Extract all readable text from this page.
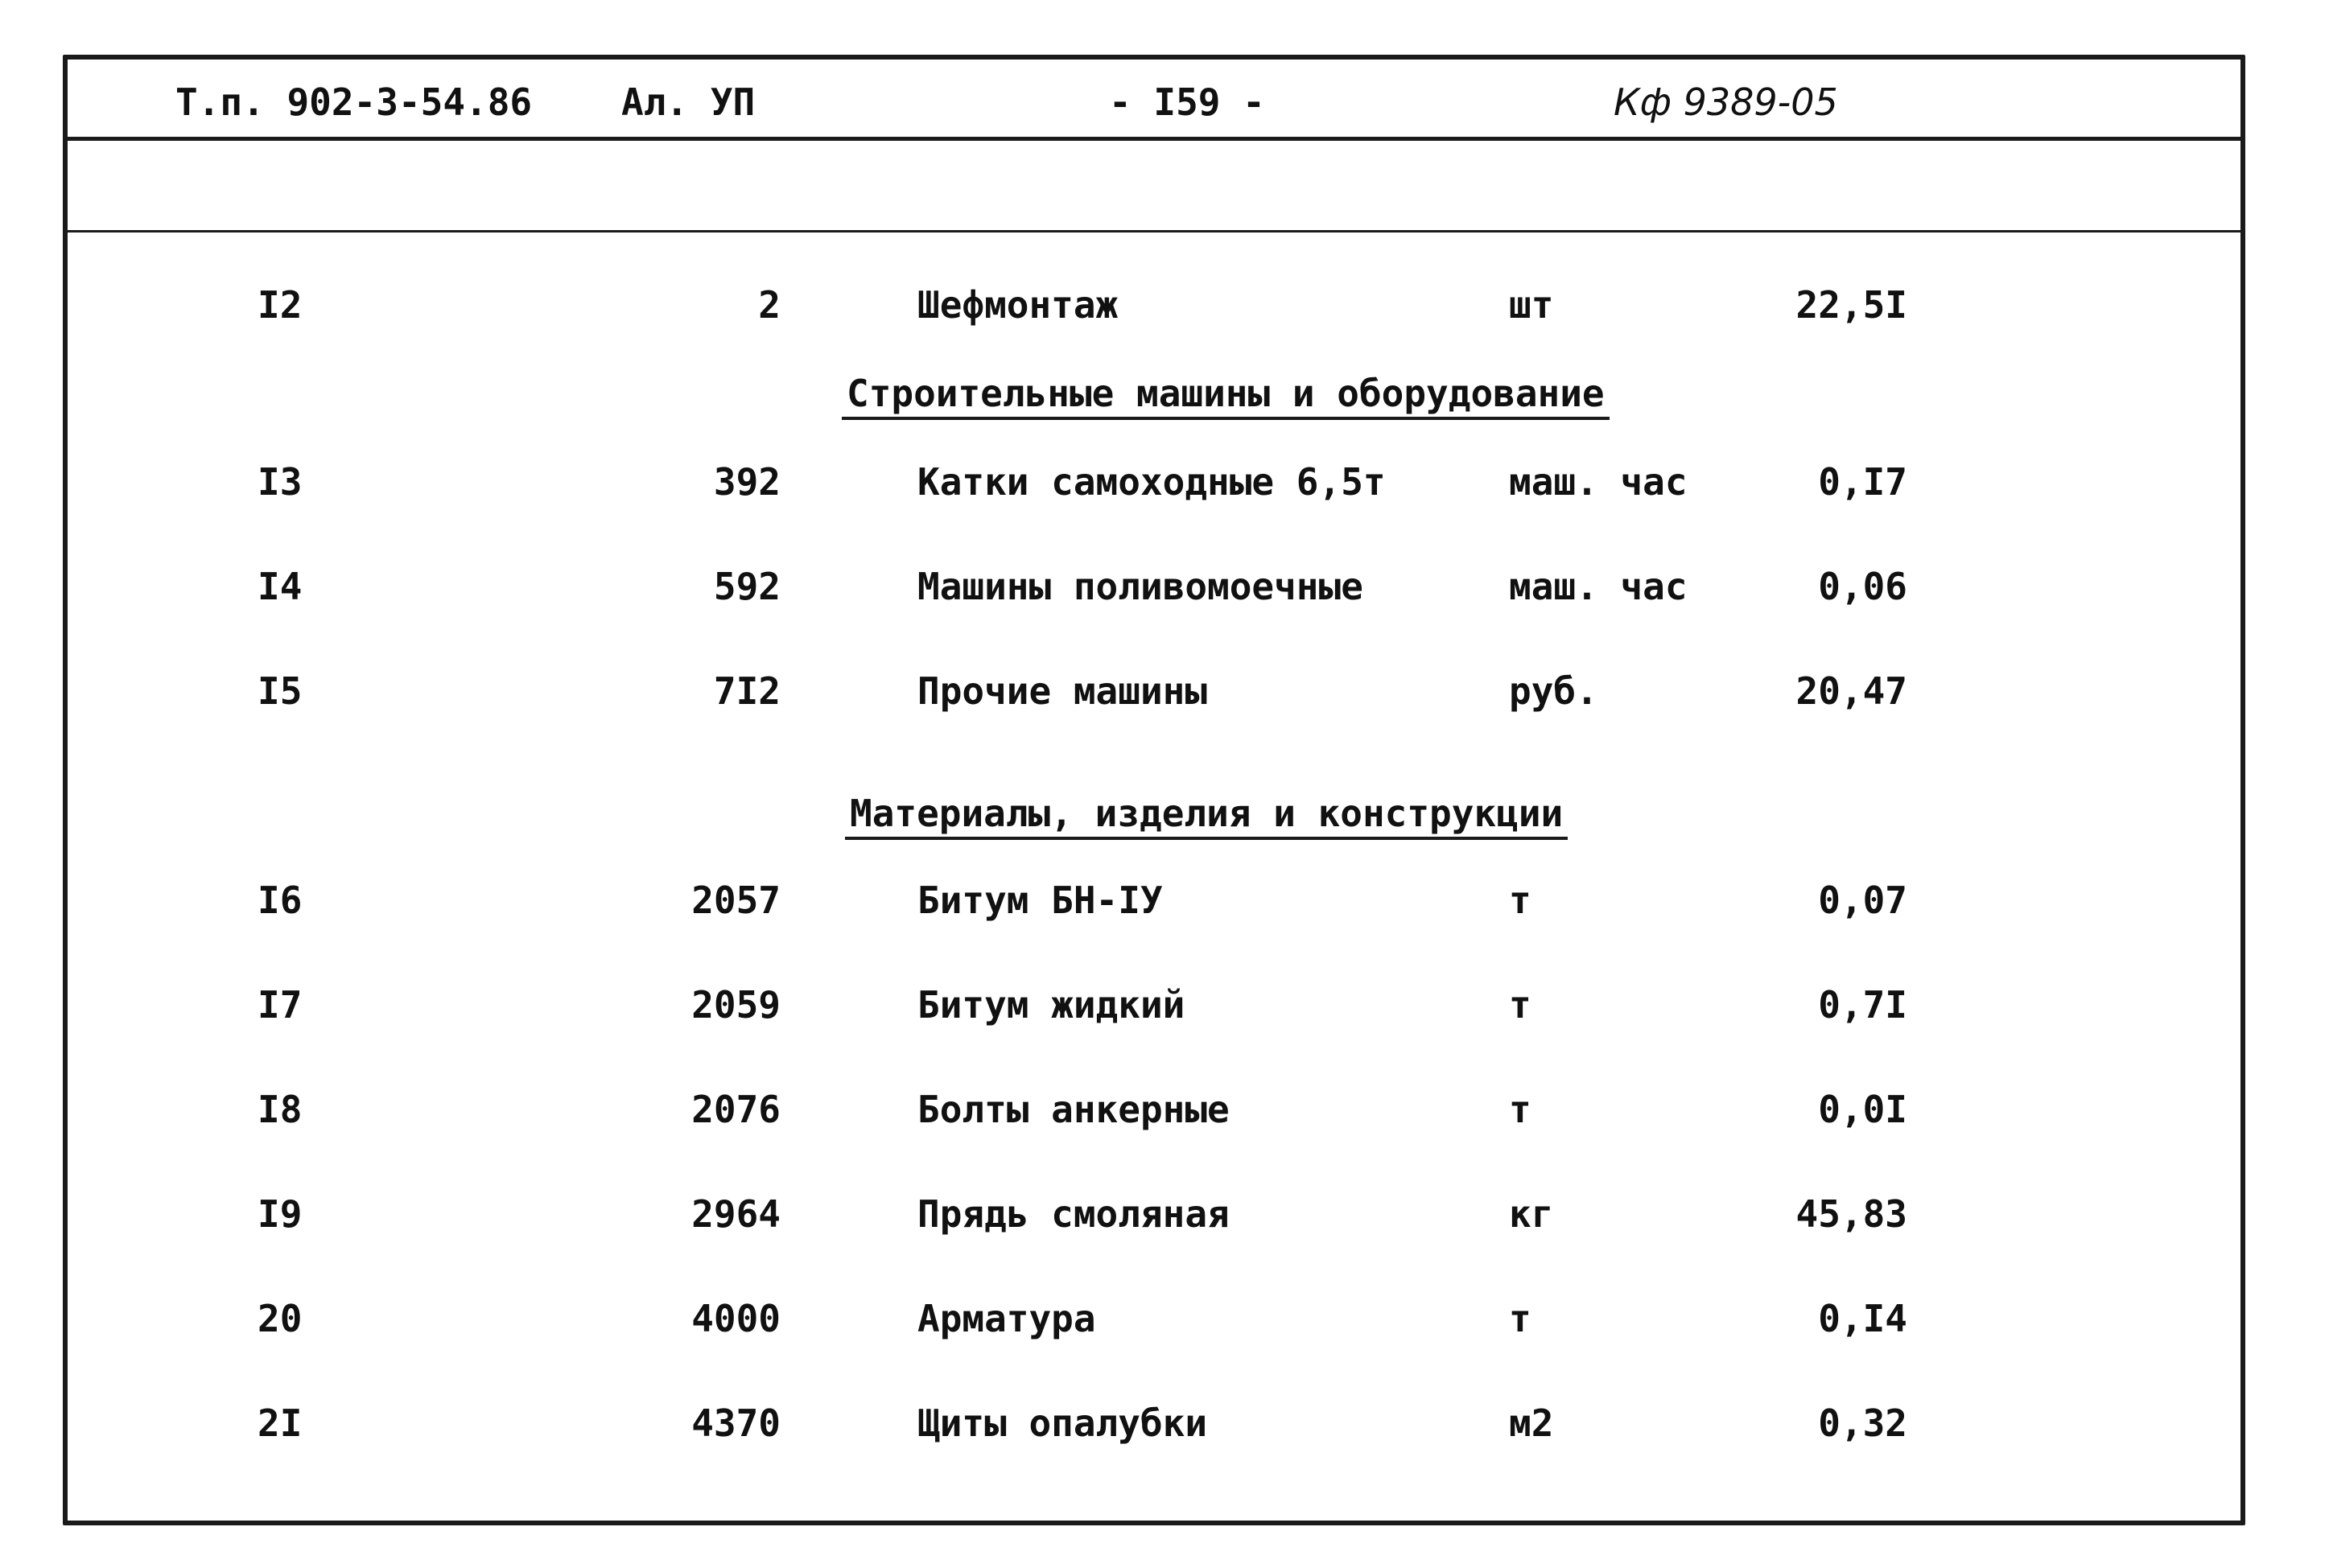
Т.п. 902-3-54.86 Ал. УП	- I59 -	Кф 9389-05
I2	2	Шефмонтаж	шт	22,5I
Строительные машины и оборудование
I3	392	Катки самоходные 6,5т	маш. час	0,I7
I4	592	Машины поливомоечные	маш. час	0,06
I5	7I2	Прочие машины	руб.	20,47
Материалы, изделия и конструкции
I6	2057	Битум БН-IУ	т	0,07
I7	2059	Битум жидкий	т	0,7I
I8	2076	Болты анкерные	т	0,0I
I9	2964	Прядь смоляная	кг	45,83
20	4000	Арматура	т	0,I4
2I	4370	Щиты опалубки	м2	0,32
